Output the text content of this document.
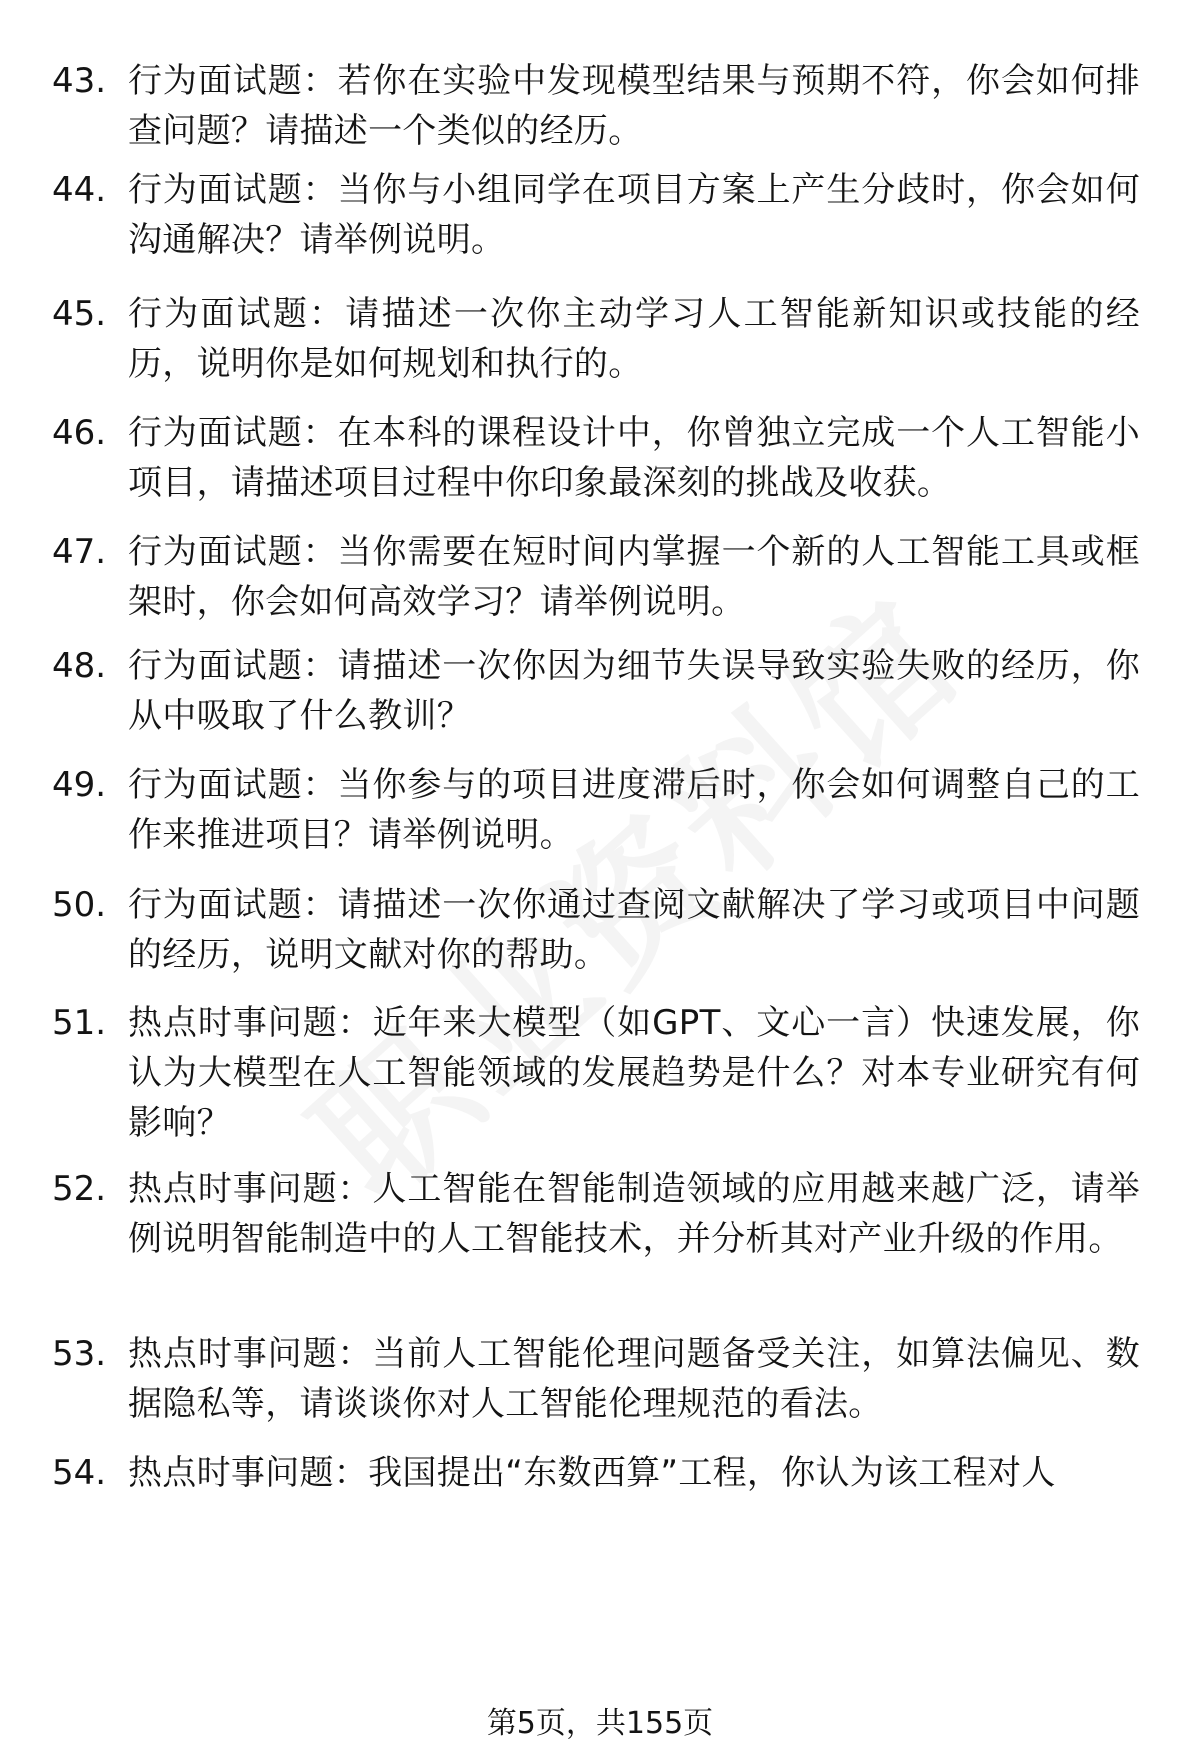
43. 行为面试题：若你在实验中发现模型结果与预期不符，你会如何排查问题？请描述一个类似的经历。
44. 行为面试题：当你与小组同学在项目方案上产生分歧时，你会如何沟通解决？请举例说明。
45. 行为面试题：请描述一次你主动学习人工智能新知识或技能的经历，说明你是如何规划和执行的。
46. 行为面试题：在本科的课程设计中，你曾独立完成一个人工智能小项目，请描述项目过程中你印象最深刻的挑战及收获。
47. 行为面试题：当你需要在短时间内掌握一个新的人工智能工具或框架时，你会如何高效学习？请举例说明。
48. 行为面试题：请描述一次你因为细节失误导致实验失败的经历，你从中吸取了什么教训？
49. 行为面试题：当你参与的项目进度滞后时，你会如何调整自己的工作来推进项目？请举例说明。
50. 行为面试题：请描述一次你通过查阅文献解决了学习或项目中问题的经历，说明文献对你的帮助。
51. 热点时事问题：近年来大模型（如GPT、文心一言）快速发展，你认为大模型在人工智能领域的发展趋势是什么？对本专业研究有何影响？
52. 热点时事问题：人工智能在智能制造领域的应用越来越广泛，请举例说明智能制造中的人工智能技术，并分析其对产业升级的作用。
53. 热点时事问题：当前人工智能伦理问题备受关注，如算法偏见、数据隐私等，请谈谈你对人工智能伦理规范的看法。
54. 热点时事问题：我国提出“东数西算”工程，你认为该工程对人
第5页，共155页
